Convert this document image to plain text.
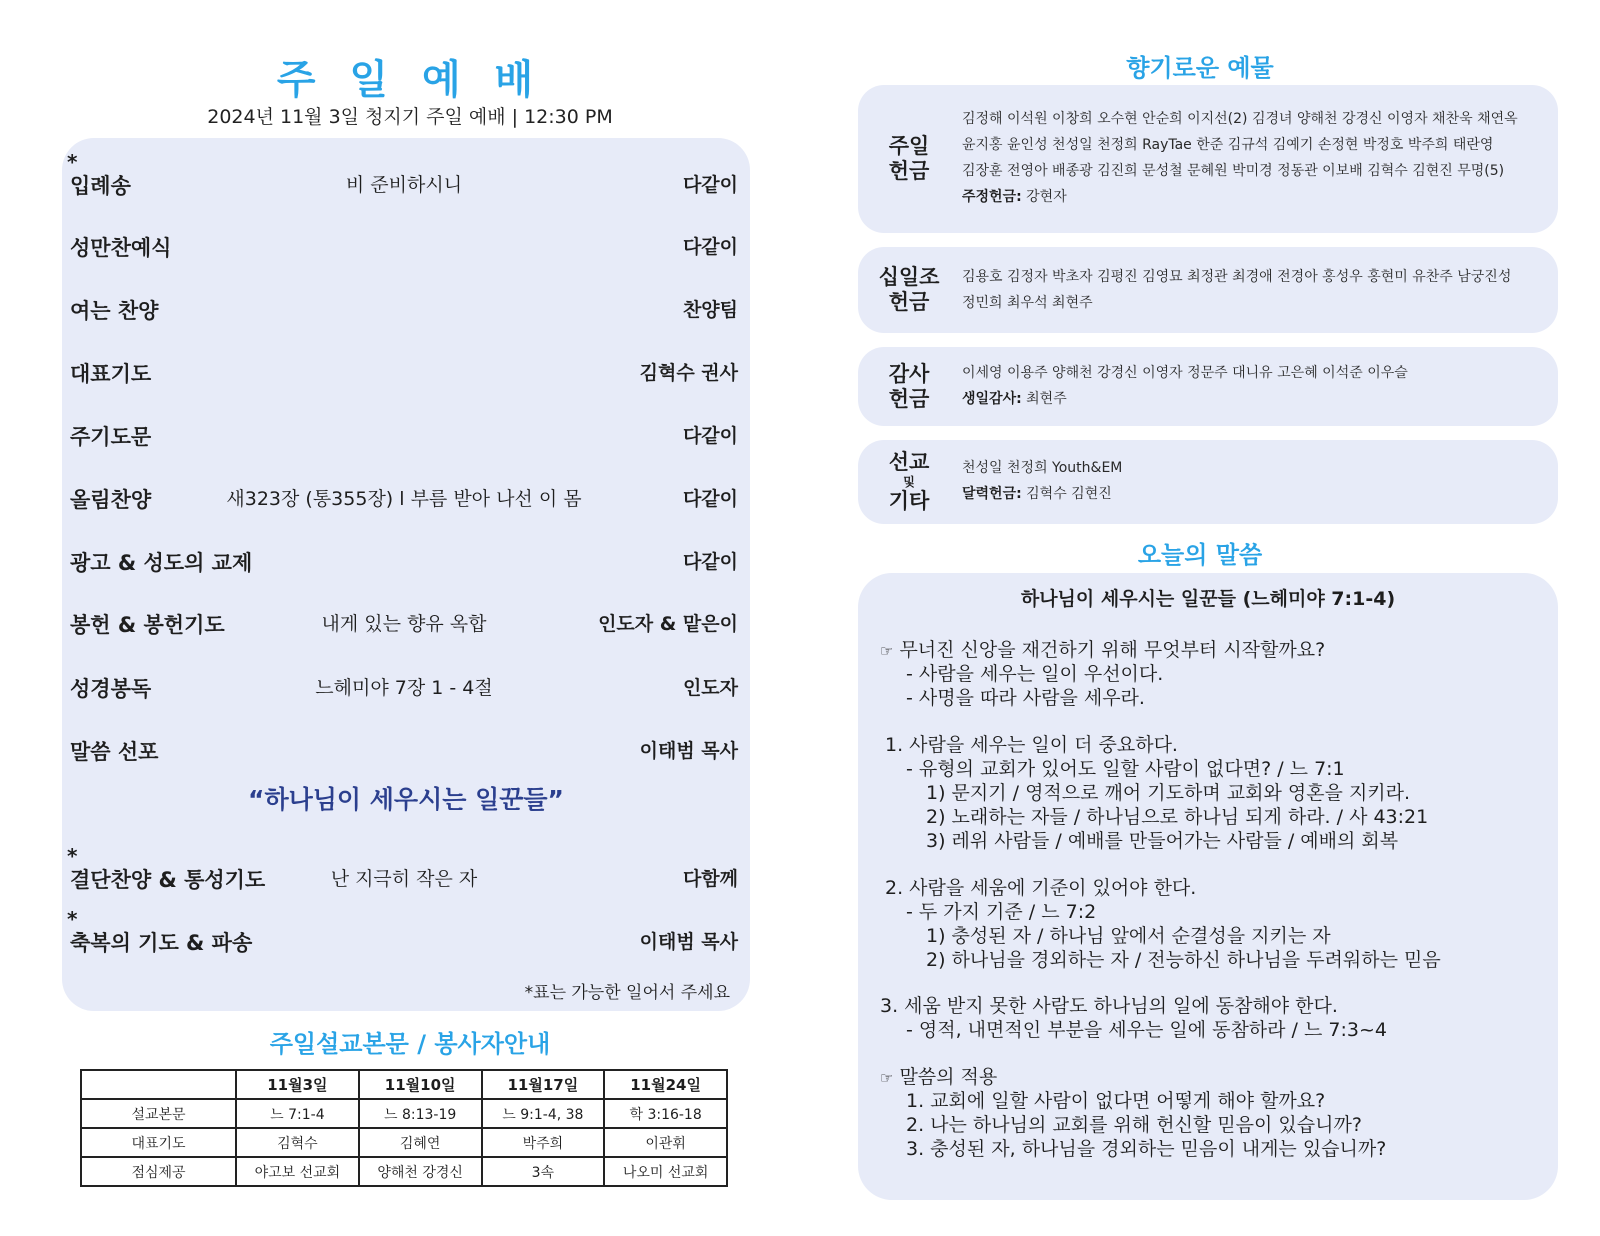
주 일 예 배
2024년 11월 3일 청지기 주일 예배 | 12:30 PM
*
입례송	비 준비하시니	다같이
성만찬예식	다같이
여는 찬양	찬양팀
대표기도	김혁수 권사
주기도문	다같이
올림찬양	새323장 (통355장) l 부름 받아 나선 이 몸	다같이
광고 & 성도의 교제	다같이
봉헌 & 봉헌기도	내게 있는 향유 옥합	인도자 & 맡은이
성경봉독	느헤미야 7장 1 - 4절	인도자
말씀 선포	이태범 목사
“하나님이 세우시는 일꾼들”
*
결단찬양 & 통성기도	난 지극히 작은 자	다함께
*
축복의 기도 & 파송	이태범 목사
*표는 가능한 일어서 주세요
주일설교본문 / 봉사자안내
	11월3일	11월10일	11월17일	11월24일
설교본문	느 7:1-4	느 8:13-19	느 9:1-4, 38	학 3:16-18
대표기도	김혁수	김혜연	박주희	이관휘
점심제공	야고보 선교회	양해천 강경신	3속	나오미 선교회
향기로운 예물
주일
헌금
김정해 이석원 이창희 오수현 안순희 이지선(2) 김경녀 양해천 강경신 이영자 채찬욱 채연옥
윤지홍 윤인성 천성일 천정희 RayTae 한준 김규석 김예기 손정현 박정호 박주희 태란영
김장훈 전영아 배종광 김진희 문성철 문혜원 박미경 정동관 이보배 김혁수 김현진 무명(5)
주정헌금: 강현자
십일조
헌금
김용호 김정자 박초자 김평진 김영묘 최정관 최경애 전경아 홍성우 홍현미 유찬주 남궁진성
정민희 최우석 최현주
감사
헌금
이세영 이용주 양해천 강경신 이영자 정문주 대니유 고은혜 이석준 이우슬
생일감사: 최현주
선교
및
기타
천성일 천정희 Youth&EM
달력헌금: 김혁수 김현진
오늘의 말씀
하나님이 세우시는 일꾼들 (느헤미야 7:1-4)
☞ 무너진 신앙을 재건하기 위해 무엇부터 시작할까요?
- 사람을 세우는 일이 우선이다.
- 사명을 따라 사람을 세우라.
1. 사람을 세우는 일이 더 중요하다.
- 유형의 교회가 있어도 일할 사람이 없다면? / 느 7:1
1) 문지기 / 영적으로 깨어 기도하며 교회와 영혼을 지키라.
2) 노래하는 자들 / 하나님으로 하나님 되게 하라. / 사 43:21
3) 레위 사람들 / 예배를 만들어가는 사람들 / 예배의 회복
2. 사람을 세움에 기준이 있어야 한다.
- 두 가지 기준 / 느 7:2
1) 충성된 자 / 하나님 앞에서 순결성을 지키는 자
2) 하나님을 경외하는 자 / 전능하신 하나님을 두려워하는 믿음
3. 세움 받지 못한 사람도 하나님의 일에 동참해야 한다.
- 영적, 내면적인 부분을 세우는 일에 동참하라 / 느 7:3~4
☞ 말씀의 적용
1. 교회에 일할 사람이 없다면 어떻게 해야 할까요?
2. 나는 하나님의 교회를 위해 헌신할 믿음이 있습니까?
3. 충성된 자, 하나님을 경외하는 믿음이 내게는 있습니까?
